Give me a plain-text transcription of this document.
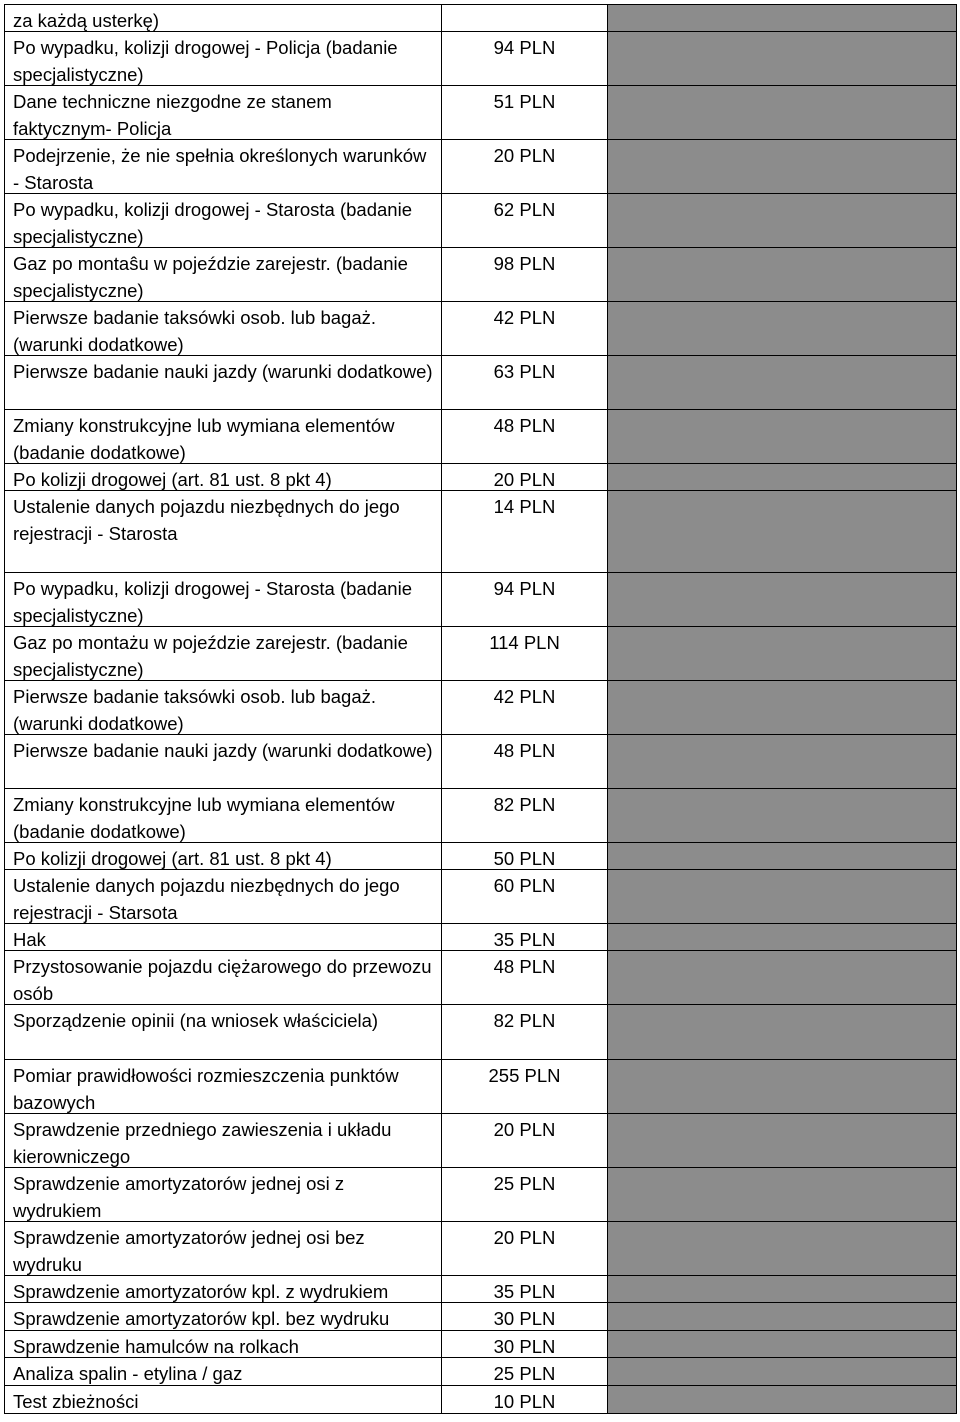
za każdą usterkę)
Po wypadku, kolizji drogowej - Policja (badanie specjalistyczne)
94 PLN
Dane techniczne niezgodne ze stanem faktycznym- Policja
51 PLN
Podejrzenie, że nie spełnia określonych warunków - Starosta
20 PLN
Po wypadku, kolizji drogowej - Starosta (badanie specjalistyczne)
62 PLN
Gaz po montaŝu w pojeździe zarejestr. (badanie specjalistyczne)
98 PLN
Pierwsze badanie taksówki osob. lub bagaż. (warunki dodatkowe)
42 PLN
Pierwsze badanie nauki jazdy (warunki dodatkowe)	63 PLN
Zmiany konstrukcyjne lub wymiana elementów (badanie dodatkowe)
48 PLN
Po kolizji drogowej (art. 81 ust. 8 pkt 4)	20 PLN
Ustalenie danych pojazdu niezbędnych do jego rejestracji - Starosta
14 PLN
Po wypadku, kolizji drogowej - Starosta (badanie specjalistyczne)
94 PLN
Gaz po montażu w pojeździe zarejestr. (badanie specjalistyczne)
114 PLN
Pierwsze badanie taksówki osob. lub bagaż. (warunki dodatkowe)
42 PLN
Pierwsze badanie nauki jazdy (warunki dodatkowe)	48 PLN
Zmiany konstrukcyjne lub wymiana elementów (badanie dodatkowe)
82 PLN
Po kolizji drogowej (art. 81 ust. 8 pkt 4)	50 PLN
Ustalenie danych pojazdu niezbędnych do jego rejestracji - Starsota
60 PLN
Hak	35 PLN
Przystosowanie pojazdu ciężarowego do przewozu osób
48 PLN
Sporządzenie opinii (na wniosek właściciela)	82 PLN
Pomiar prawidłowości rozmieszczenia punktów bazowych
255 PLN
Sprawdzenie przedniego zawieszenia i układu kierowniczego
20 PLN
Sprawdzenie amortyzatorów jednej osi z wydrukiem
25 PLN
Sprawdzenie amortyzatorów jednej osi bez wydruku
20 PLN
Sprawdzenie amortyzatorów kpl. z wydrukiem	35 PLN
Sprawdzenie amortyzatorów kpl. bez wydruku	30 PLN
Sprawdzenie hamulców na rolkach	30 PLN
Analiza spalin - etylina / gaz	25 PLN
Test zbieżności	10 PLN
